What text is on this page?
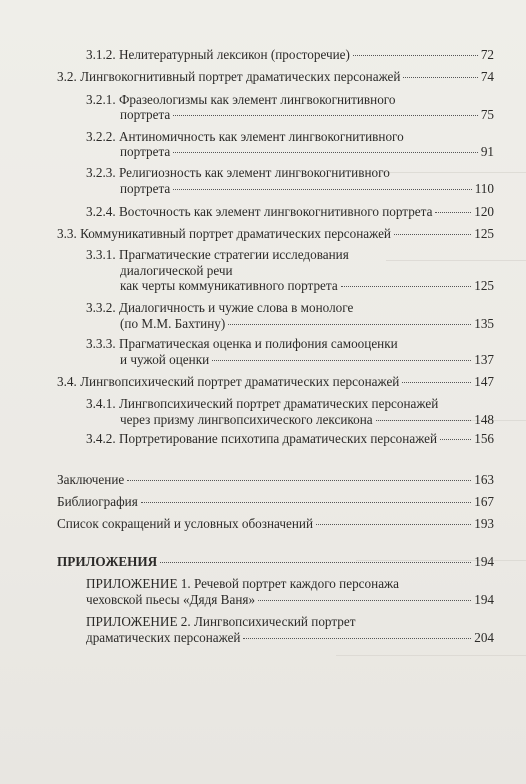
3.1.2. Нелитературный лексикон (просторечие)	72
3.2. Лингвокогнитивный портрет драматических персонажей	74
3.2.1. Фразеологизмы как элемент лингвокогнитивного
портрета	75
3.2.2. Антиномичность как элемент лингвокогнитивного
портрета	91
3.2.3. Религиозность как элемент лингвокогнитивного
портрета	110
3.2.4. Восточность как элемент лингвокогнитивного портрета	120
3.3. Коммуникативный портрет драматических персонажей	125
3.3.1. Прагматические стратегии исследования
диалогической речи
как черты коммуникативного портрета	125
3.3.2. Диалогичность и чужие слова в монологе
(по М.М. Бахтину)	135
3.3.3. Прагматическая оценка и полифония самооценки
и чужой оценки	137
3.4. Лингвопсихический портрет драматических персонажей	147
3.4.1. Лингвопсихический портрет драматических персонажей
через призму лингвопсихического лексикона	148
3.4.2. Портретирование психотипа драматических персонажей	156
Заключение	163
Библиография	167
Список сокращений и условных обозначений	193
ПРИЛОЖЕНИЯ	194
ПРИЛОЖЕНИЕ 1. Речевой портрет каждого персонажа
чеховской пьесы «Дядя Ваня»	194
ПРИЛОЖЕНИЕ 2. Лингвопсихический портрет
драматических персонажей	204
